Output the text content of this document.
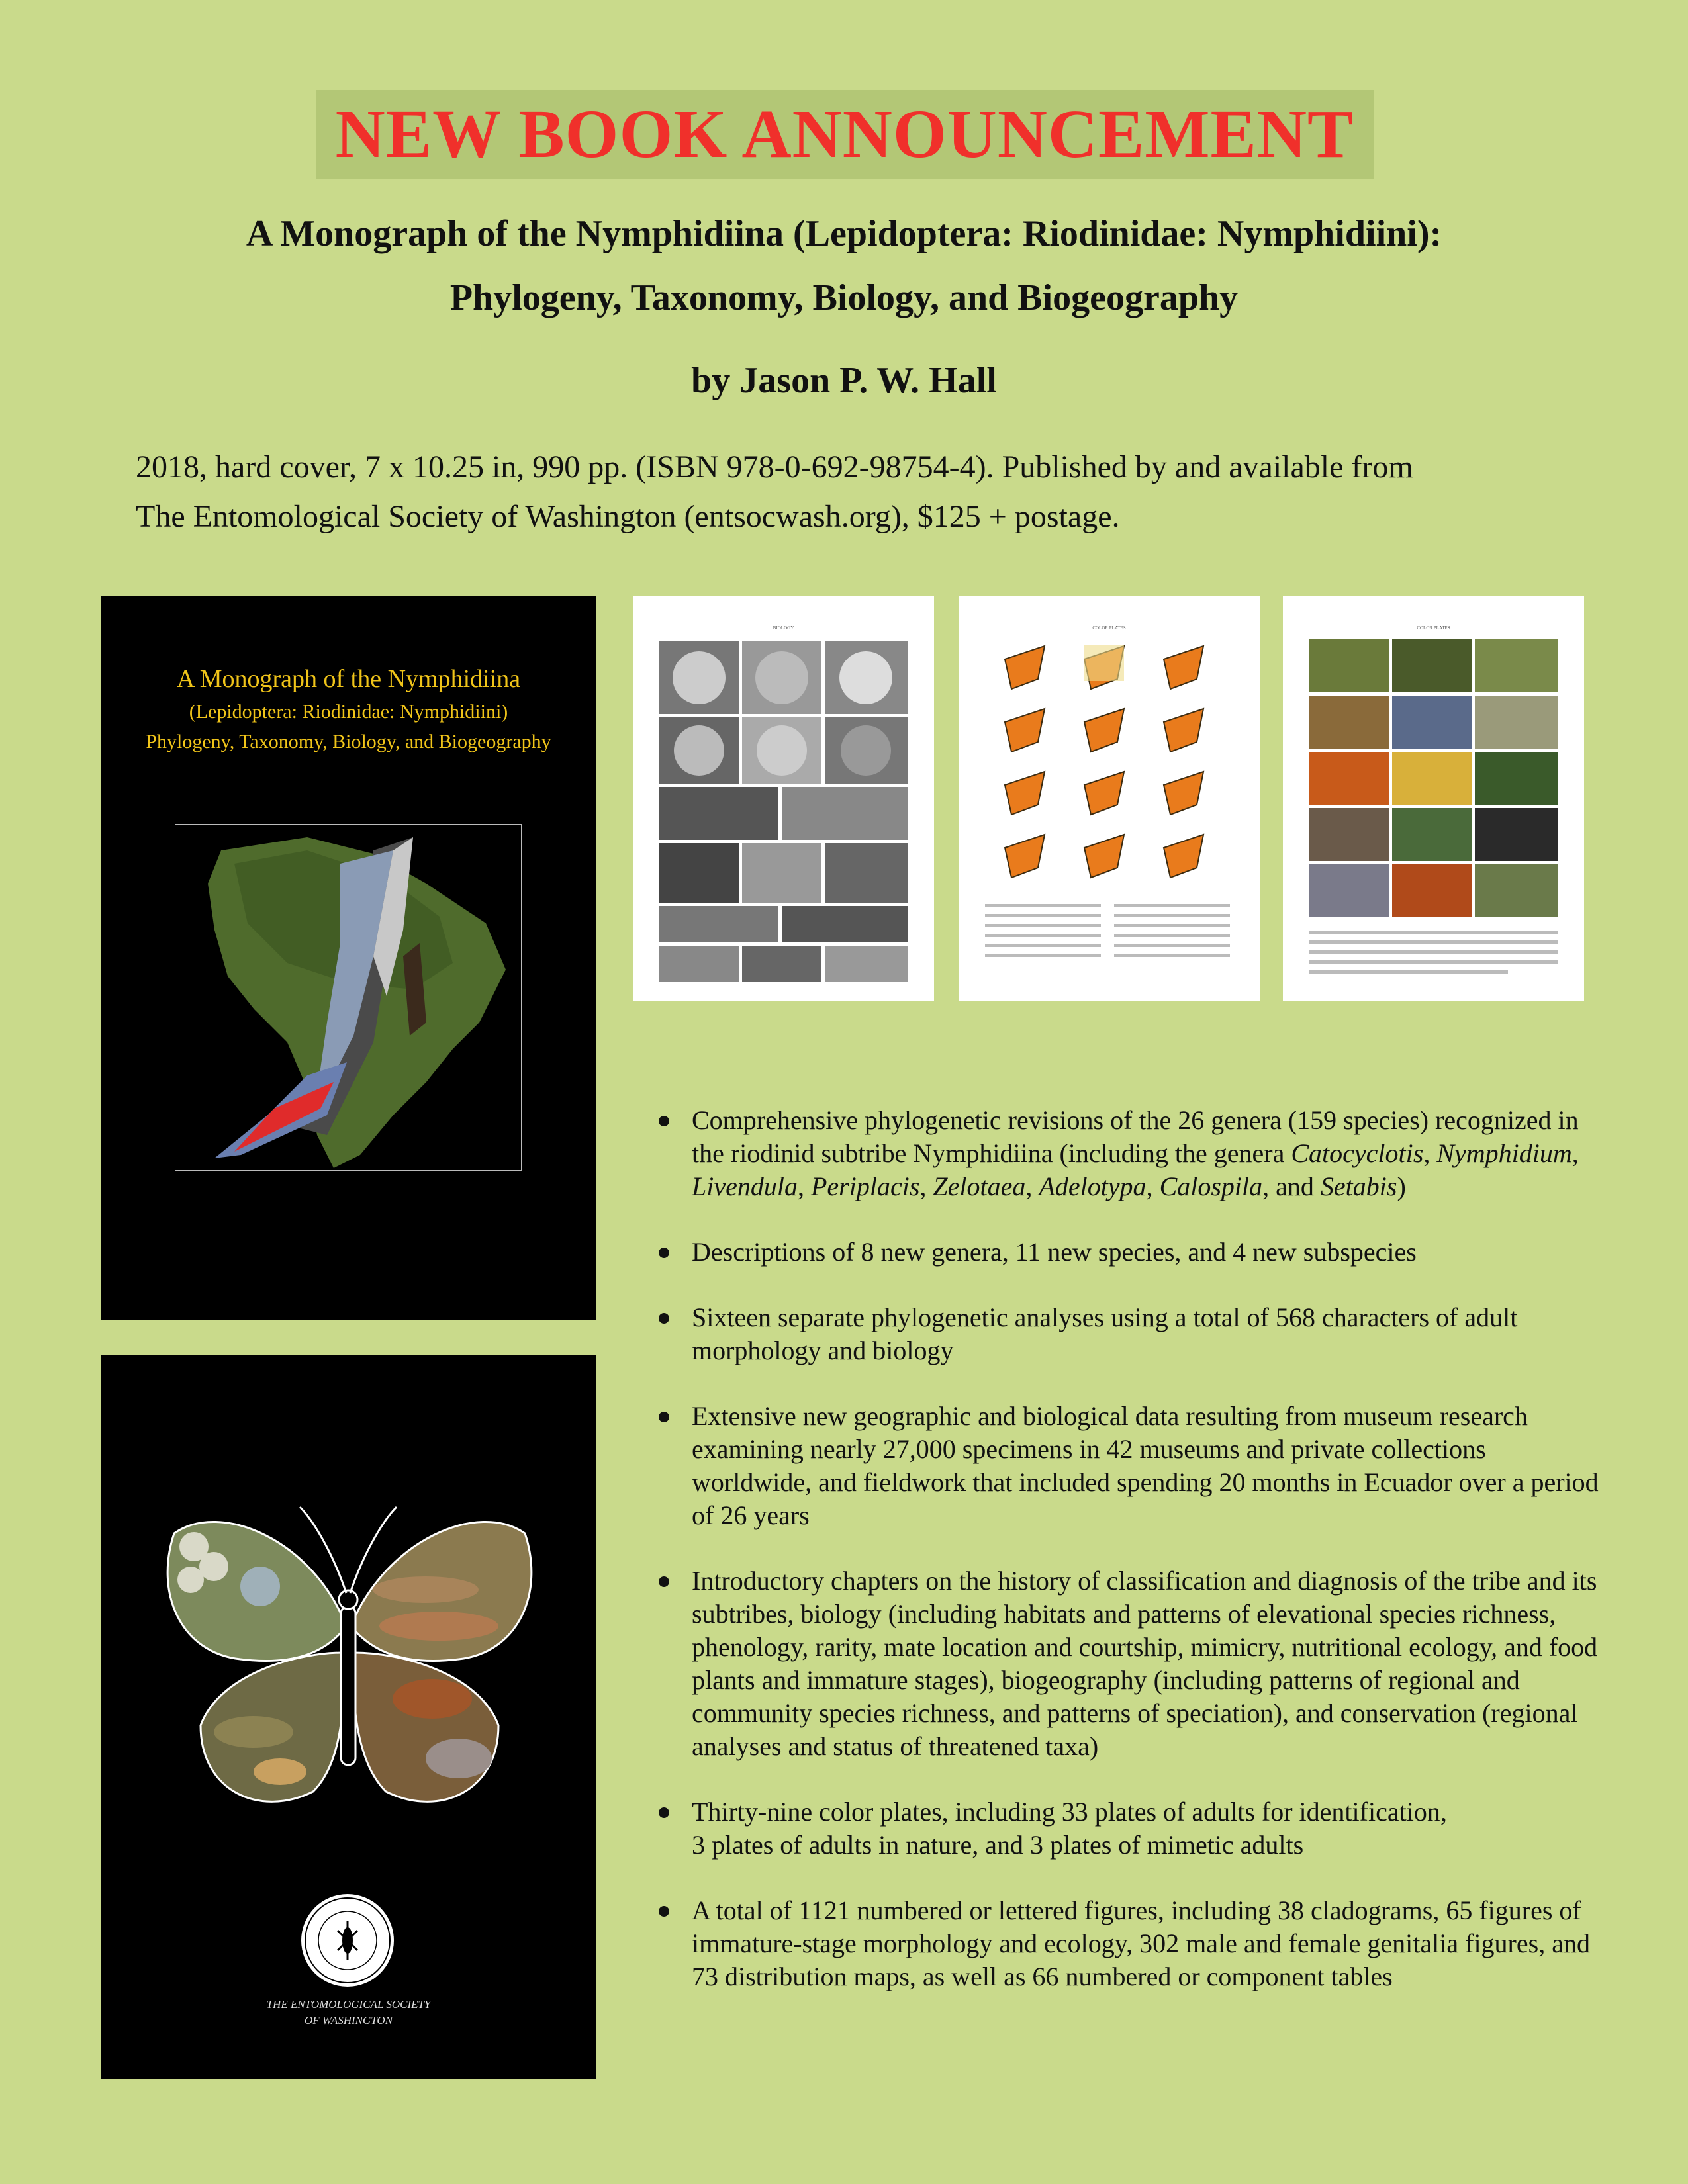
NEW BOOK ANNOUNCEMENT
A Monograph of the Nymphidiina (Lepidoptera: Riodinidae: Nymphidiini):
Phylogeny, Taxonomy, Biology, and Biogeography
by Jason P. W. Hall
2018, hard cover, 7 x 10.25 in, 990 pp. (ISBN 978-0-692-98754-4). Published by and available from
The Entomological Society of Washington (entsocwash.org), $125 + postage.
A Monograph of the Nymphidiina
(Lepidoptera: Riodinidae: Nymphidiini)
Phylogeny, Taxonomy, Biology, and Biogeography
THE ENTOMOLOGICAL SOCIETY
OF WASHINGTON
BIOLOGY	COLOR PLATES	COLOR PLATES
Comprehensive phylogenetic revisions of the 26 genera (159 species) recognized in the riodinid subtribe Nymphidiina (including the genera Catocyclotis, Nymphidium, Livendula, Periplacis, Zelotaea, Adelotypa, Calospila, and Setabis)
Descriptions of 8 new genera, 11 new species, and 4 new subspecies
Sixteen separate phylogenetic analyses using a total of 568 characters of adult morphology and biology
Extensive new geographic and biological data resulting from museum research examining nearly 27,000 specimens in 42 museums and private collections worldwide, and fieldwork that included spending 20 months in Ecuador over a period of 26 years
Introductory chapters on the history of classification and diagnosis of the tribe and its subtribes, biology (including habitats and patterns of elevational species richness, phenology, rarity, mate location and courtship, mimicry, nutritional ecology, and food plants and immature stages), biogeography (including patterns of regional and community species richness, and patterns of speciation), and conservation (regional analyses and status of threatened taxa)
Thirty-nine color plates, including 33 plates of adults for identification,
3 plates of adults in nature, and 3 plates of mimetic adults
A total of 1121 numbered or lettered figures, including 38 cladograms, 65 figures of immature-stage morphology and ecology, 302 male and female genitalia figures, and 73 distribution maps, as well as 66 numbered or component tables
